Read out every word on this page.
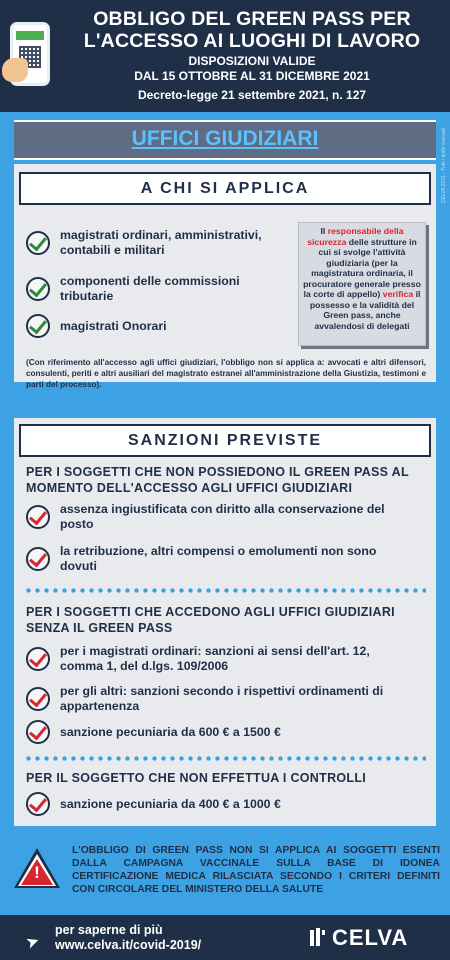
OBBLIGO DEL GREEN PASS PER
L'ACCESSO AI LUOGHI DI LAVORO
DISPOSIZIONI VALIDE
DAL 15 OTTOBRE AL 31 DICEMBRE 2021
Decreto-legge 21 settembre 2021, n. 127
CELVA 2021 - Tutti i diritti riservati
UFFICI GIUDIZIARI
A CHI SI APPLICA
magistrati ordinari, amministrativi, contabili e militari
componenti delle commissioni tributarie
magistrati Onorari
Il responsabile della sicurezza delle strutture in cui si svolge l'attività giudiziaria (per la magistratura ordinaria, il procuratore generale presso la corte di appello) verifica il possesso e la validità del Green pass, anche avvalendosi di delegati
(Con riferimento all'accesso agli uffici giudiziari, l'obbligo non si applica a: avvocati e altri difensori, consulenti, periti e altri ausiliari del magistrato estranei all'amministrazione della Giustizia, testimoni e parti del processo).
SANZIONI PREVISTE
PER I SOGGETTI CHE NON POSSIEDONO IL GREEN PASS AL MOMENTO DELL'ACCESSO AGLI UFFICI GIUDIZIARI
assenza ingiustificata con diritto alla conservazione del posto
la retribuzione, altri compensi o emolumenti non sono dovuti
PER I SOGGETTI CHE ACCEDONO AGLI UFFICI GIUDIZIARI SENZA IL GREEN PASS
per i magistrati ordinari: sanzioni ai sensi dell'art. 12, comma 1, del d.lgs. 109/2006
per gli altri: sanzioni secondo i rispettivi ordinamenti di appartenenza
sanzione pecuniaria da 600 € a 1500 €
PER IL SOGGETTO CHE NON EFFETTUA I CONTROLLI
sanzione pecuniaria da 400 € a 1000 €
!
L'OBBLIGO DI GREEN PASS NON SI APPLICA AI SOGGETTI ESENTI DALLA CAMPAGNA VACCINALE SULLA BASE DI IDONEA CERTIFICAZIONE MEDICA RILASCIATA SECONDO I CRITERI DEFINITI CON CIRCOLARE DEL MINISTERO DELLA SALUTE
➤
per saperne di più
www.celva.it/covid-2019/	CELVA
